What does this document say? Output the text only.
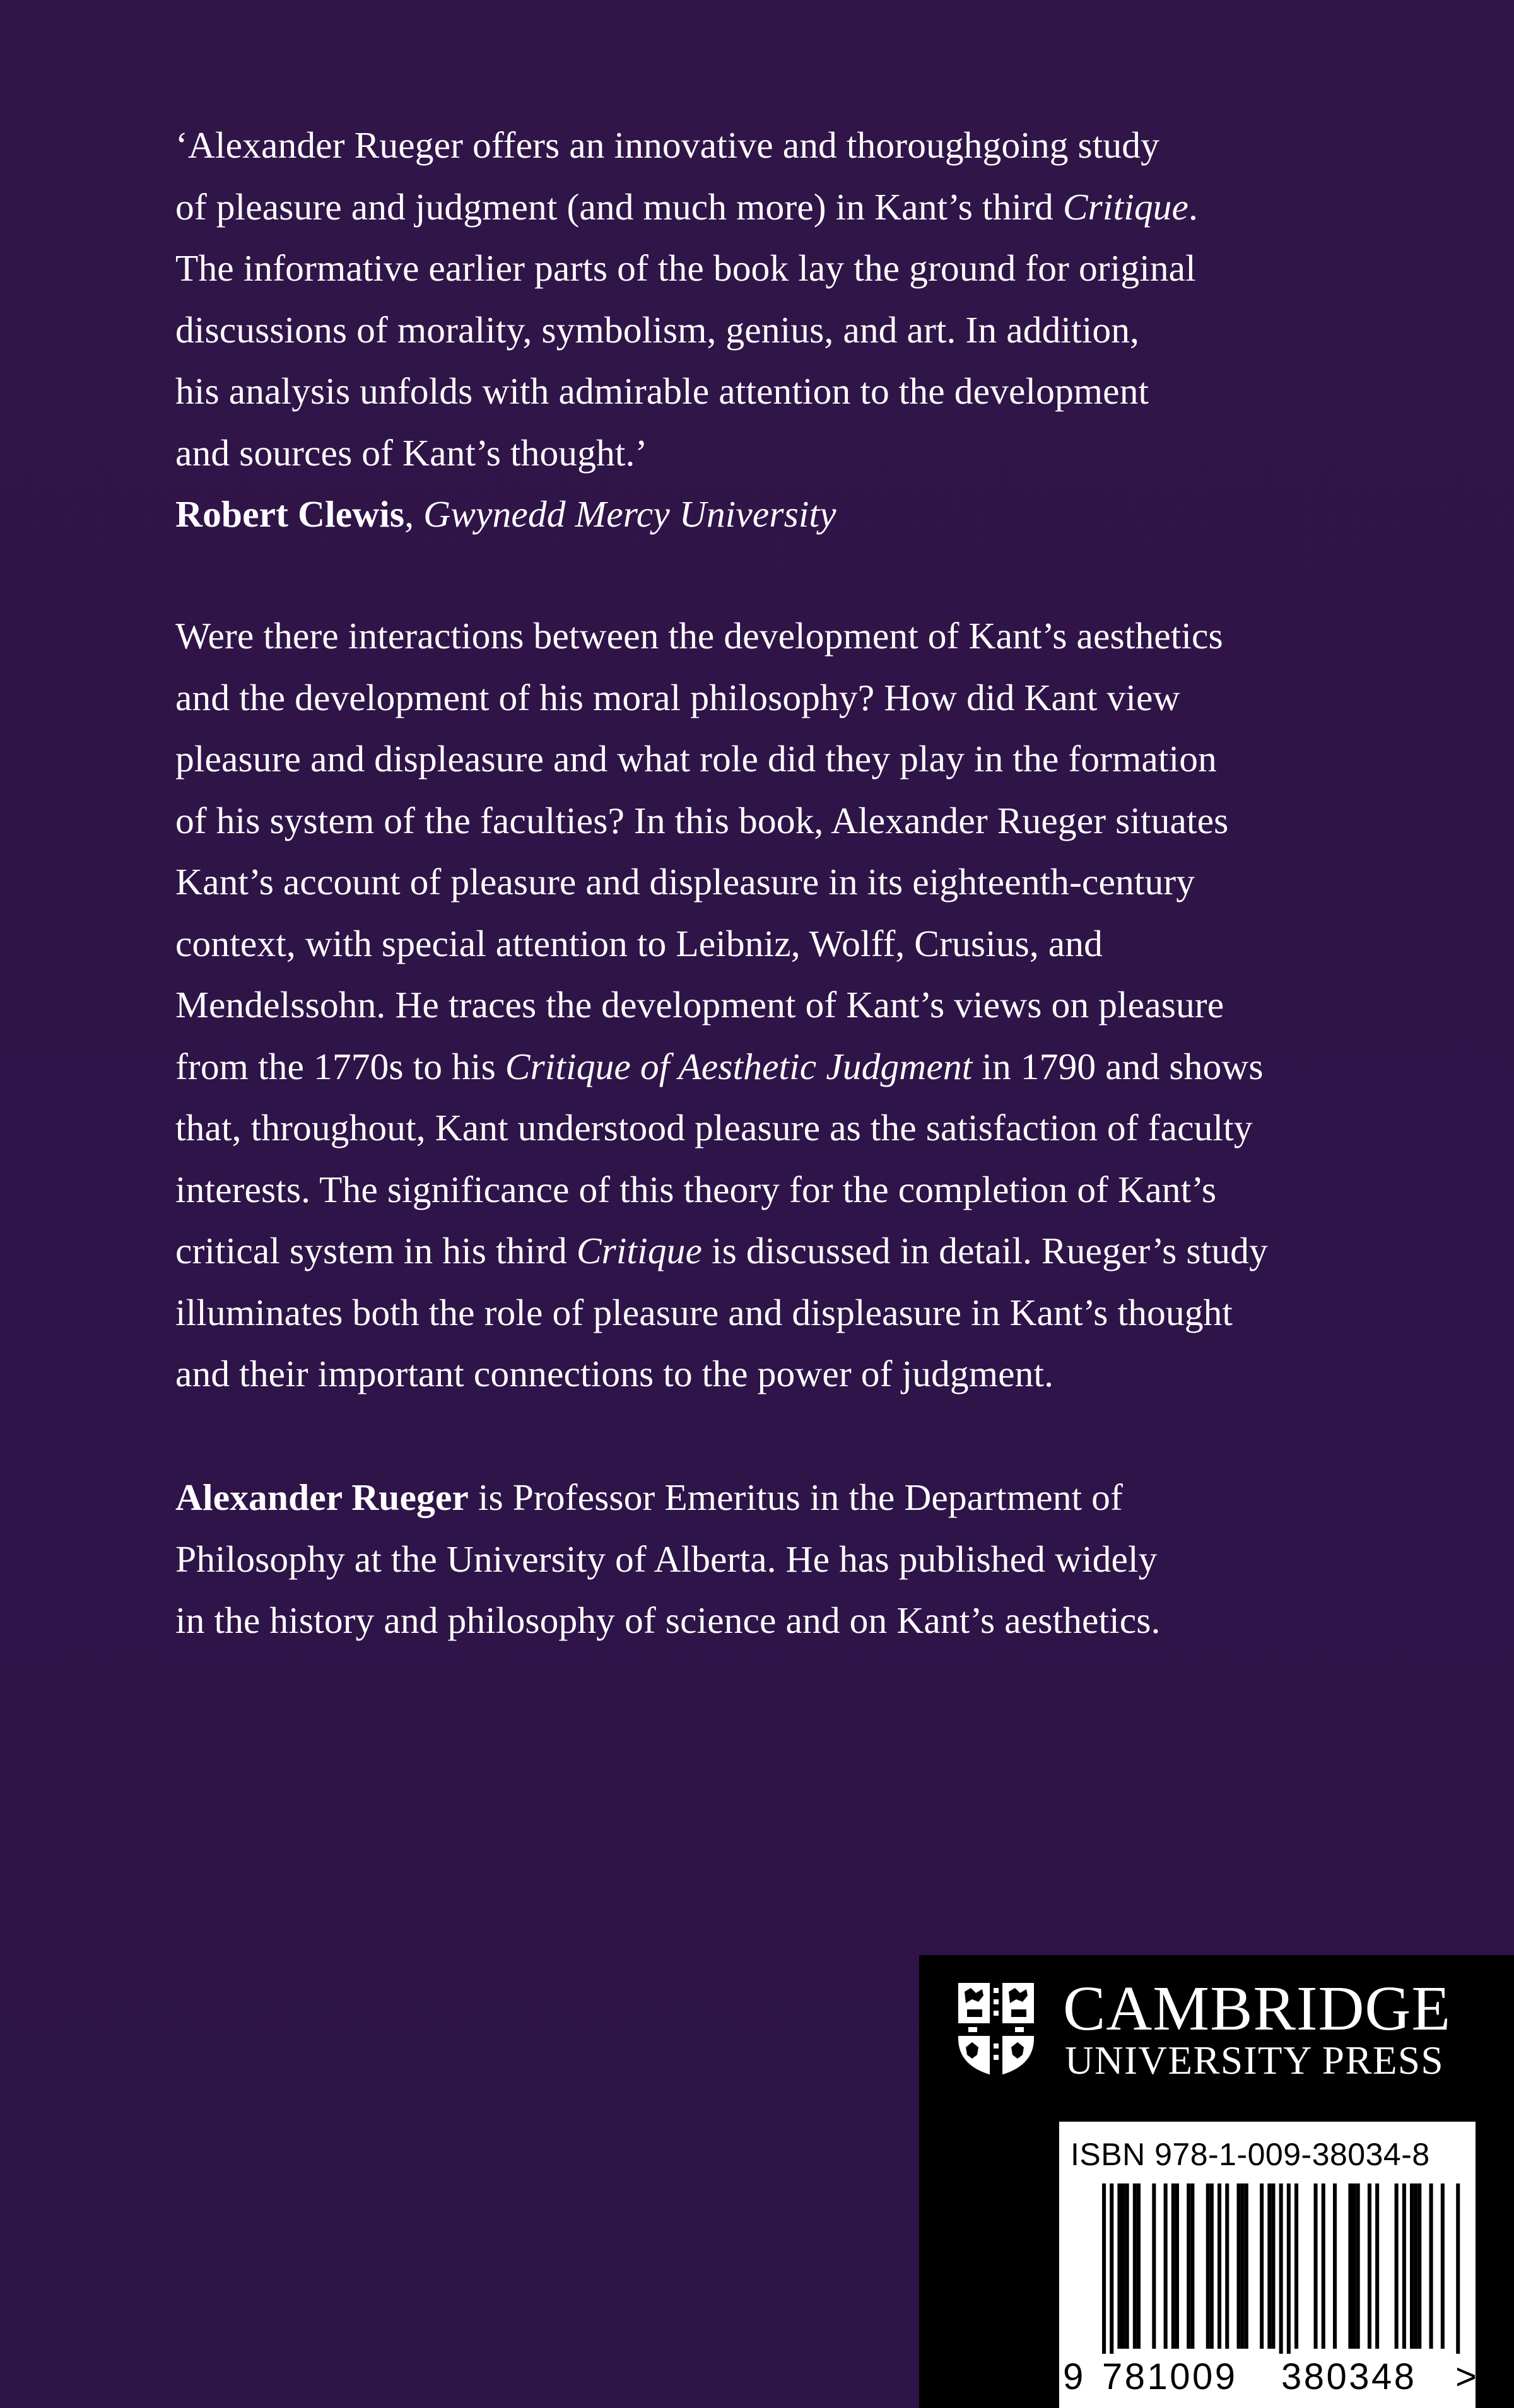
‘Alexander Rueger offers an innovative and thoroughgoing study
of pleasure and judgment (and much more) in Kant’s third Critique.
The informative earlier parts of the book lay the ground for original
discussions of morality, symbolism, genius, and art. In addition,
his analysis unfolds with admirable attention to the development
and sources of Kant’s thought.’
Robert Clewis, Gwynedd Mercy University
Were there interactions between the development of Kant’s aesthetics
and the development of his moral philosophy? How did Kant view
pleasure and displeasure and what role did they play in the formation
of his system of the faculties? In this book, Alexander Rueger situates
Kant’s account of pleasure and displeasure in its eighteenth-century
context, with special attention to Leibniz, Wolff, Crusius, and
Mendelssohn. He traces the development of Kant’s views on pleasure
from the 1770s to his Critique of Aesthetic Judgment in 1790 and shows
that, throughout, Kant understood pleasure as the satisfaction of faculty
interests. The significance of this theory for the completion of Kant’s
critical system in his third Critique is discussed in detail. Rueger’s study
illuminates both the role of pleasure and displeasure in Kant’s thought
and their important connections to the power of judgment.
Alexander Rueger is Professor Emeritus in the Department of
Philosophy at the University of Alberta. He has published widely
in the history and philosophy of science and on Kant’s aesthetics.
CAMBRIDGE
UNIVERSITY PRESS
ISBN 978-1-009-38034-8
9 781009 380348 >
